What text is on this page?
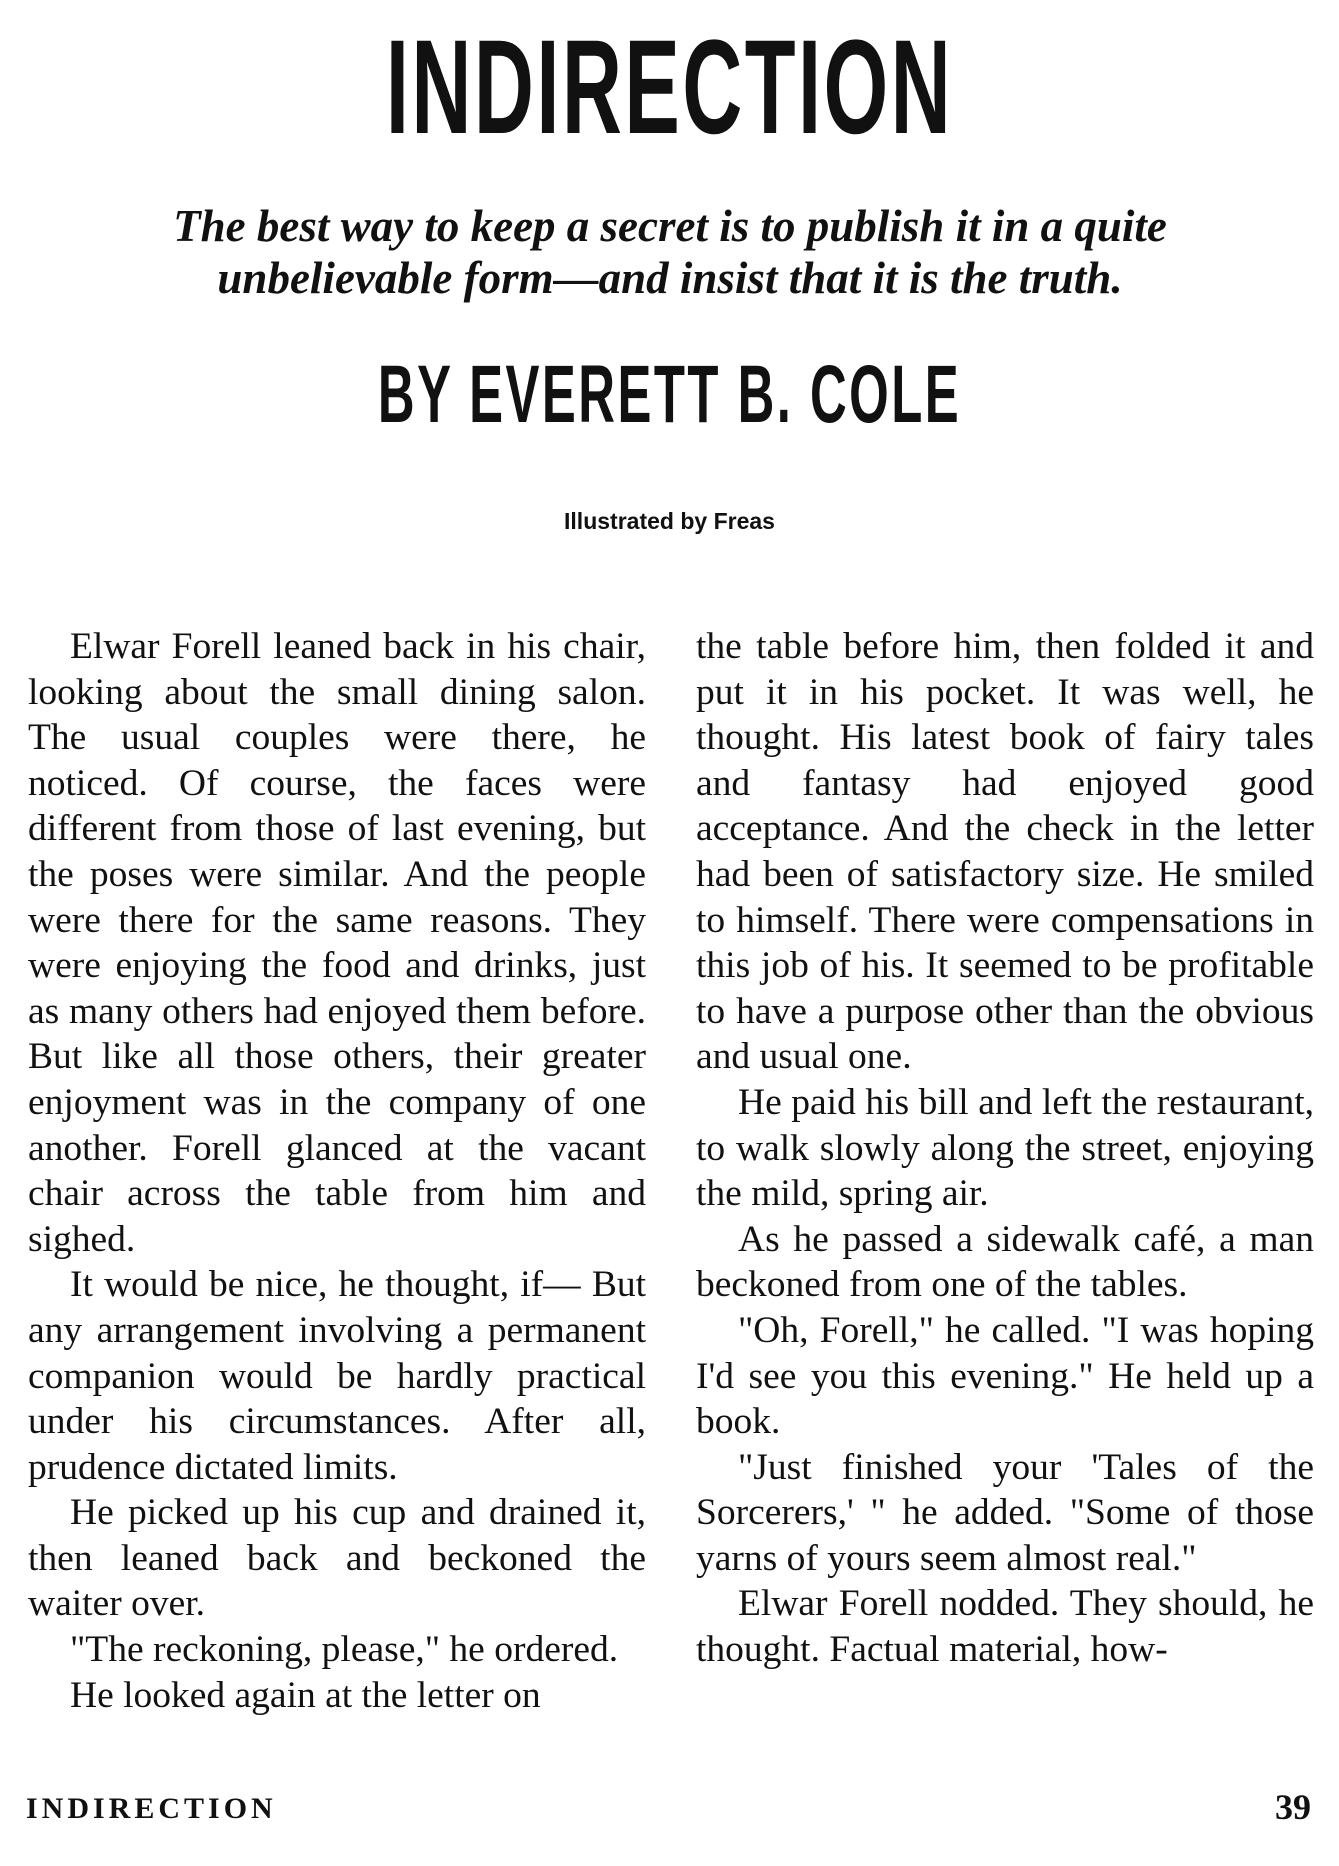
INDIRECTION

The best way to keep a secret is to publish it in a quite unbelievable form—and insist that it is the truth.

BY EVERETT B. COLE

Illustrated by Freas

Elwar Forell leaned back in his chair, looking about the small dining salon. The usual couples were there, he noticed. Of course, the faces were different from those of last evening, but the poses were similar. And the people were there for the same reasons. They were enjoying the food and drinks, just as many others had enjoyed them before. But like all those others, their greater enjoyment was in the company of one another. Forell glanced at the vacant chair across the table from him and sighed.

It would be nice, he thought, if— But any arrangement involving a permanent companion would be hardly practical under his circumstances. After all, prudence dictated limits.

He picked up his cup and drained it, then leaned back and beckoned the waiter over.

"The reckoning, please," he ordered.

He looked again at the letter on

the table before him, then folded it and put it in his pocket. It was well, he thought. His latest book of fairy tales and fantasy had enjoyed good acceptance. And the check in the letter had been of satisfactory size. He smiled to himself. There were compensations in this job of his. It seemed to be profitable to have a purpose other than the obvious and usual one.

He paid his bill and left the restaurant, to walk slowly along the street, enjoying the mild, spring air.

As he passed a sidewalk café, a man beckoned from one of the tables.

"Oh, Forell," he called. "I was hoping I'd see you this evening." He held up a book.

"Just finished your 'Tales of the Sorcerers,' " he added. "Some of those yarns of yours seem almost real."

Elwar Forell nodded. They should, he thought. Factual material, how-

INDIRECTION	39
